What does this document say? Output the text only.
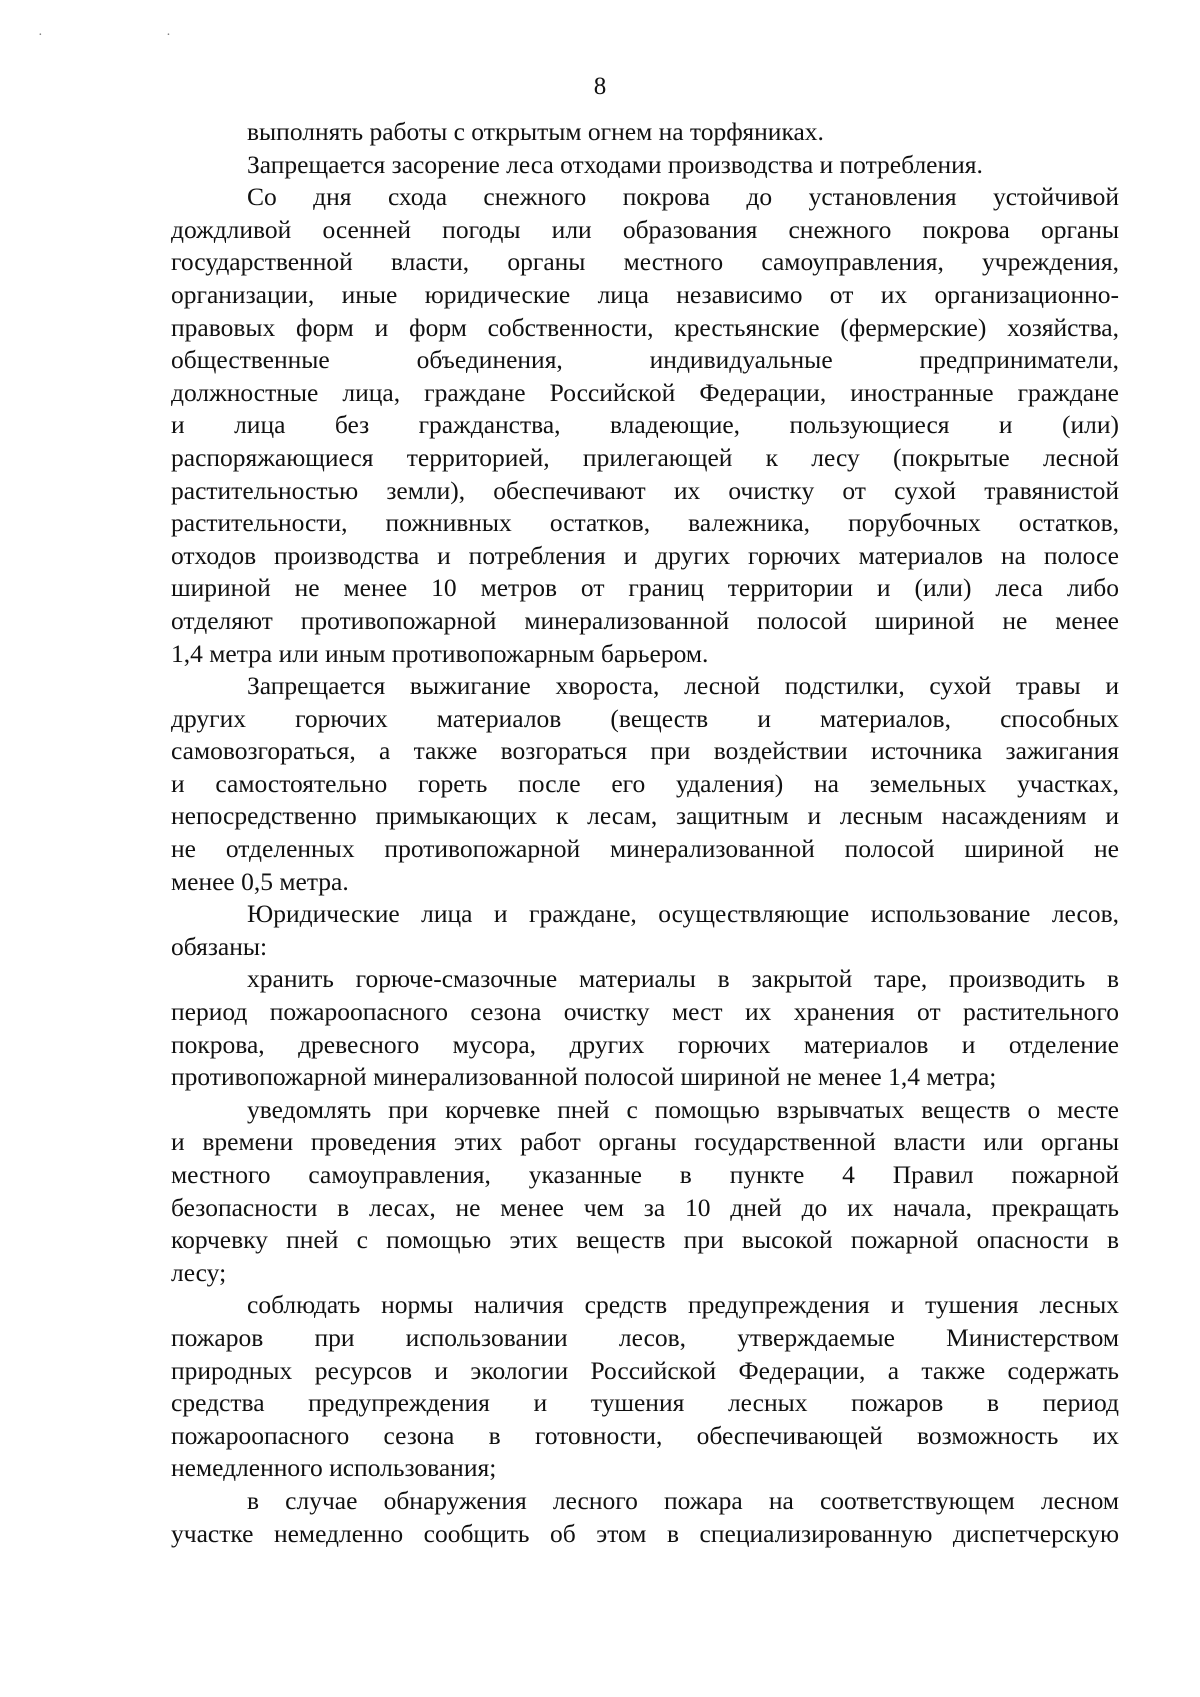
· ·
8
выполнять работы с открытым огнем на торфяниках.
Запрещается засорение леса отходами производства и потребления.
Со дня схода снежного покрова до установления устойчивой
дождливой осенней погоды или образования снежного покрова органы
государственной власти, органы местного самоуправления, учреждения,
организации, иные юридические лица независимо от их организационно-
правовых форм и форм собственности, крестьянские (фермерские) хозяйства,
общественные объединения, индивидуальные предприниматели,
должностные лица, граждане Российской Федерации, иностранные граждане
и лица без гражданства, владеющие, пользующиеся и (или)
распоряжающиеся территорией, прилегающей к лесу (покрытые лесной
растительностью земли), обеспечивают их очистку от сухой травянистой
растительности, пожнивных остатков, валежника, порубочных остатков,
отходов производства и потребления и других горючих материалов на полосе
шириной не менее 10 метров от границ территории и (или) леса либо
отделяют противопожарной минерализованной полосой шириной не менее
1,4 метра или иным противопожарным барьером.
Запрещается выжигание хвороста, лесной подстилки, сухой травы и
других горючих материалов (веществ и материалов, способных
самовозгораться, а также возгораться при воздействии источника зажигания
и самостоятельно гореть после его удаления) на земельных участках,
непосредственно примыкающих к лесам, защитным и лесным насаждениям и
не отделенных противопожарной минерализованной полосой шириной не
менее 0,5 метра.
Юридические лица и граждане, осуществляющие использование лесов,
обязаны:
хранить горюче-смазочные материалы в закрытой таре, производить в
период пожароопасного сезона очистку мест их хранения от растительного
покрова, древесного мусора, других горючих материалов и отделение
противопожарной минерализованной полосой шириной не менее 1,4 метра;
уведомлять при корчевке пней с помощью взрывчатых веществ о месте
и времени проведения этих работ органы государственной власти или органы
местного самоуправления, указанные в пункте 4 Правил пожарной
безопасности в лесах, не менее чем за 10 дней до их начала, прекращать
корчевку пней с помощью этих веществ при высокой пожарной опасности в
лесу;
соблюдать нормы наличия средств предупреждения и тушения лесных
пожаров при использовании лесов, утверждаемые Министерством
природных ресурсов и экологии Российской Федерации, а также содержать
средства предупреждения и тушения лесных пожаров в период
пожароопасного сезона в готовности, обеспечивающей возможность их
немедленного использования;
в случае обнаружения лесного пожара на соответствующем лесном
участке немедленно сообщить об этом в специализированную диспетчерскую
